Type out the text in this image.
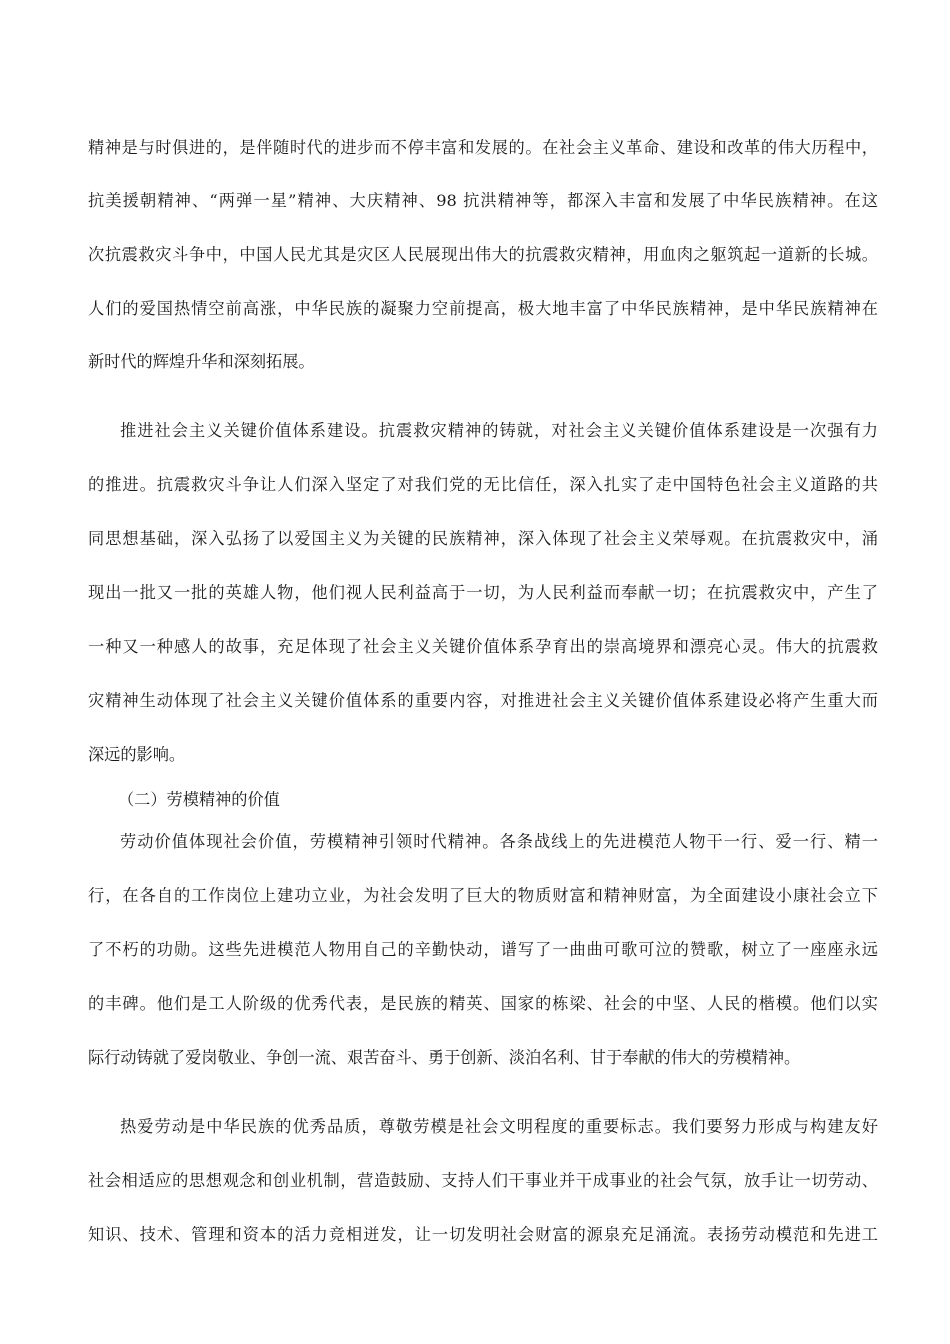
精神是与时俱进的，是伴随时代的进步而不停丰富和发展的。在社会主义革命、建设和改革的伟大历程中，
抗美援朝精神、“两弹一星”精神、大庆精神、98 抗洪精神等，都深入丰富和发展了中华民族精神。在这
次抗震救灾斗争中，中国人民尤其是灾区人民展现出伟大的抗震救灾精神，用血肉之躯筑起一道新的长城。
人们的爱国热情空前高涨，中华民族的凝聚力空前提高，极大地丰富了中华民族精神，是中华民族精神在
新时代的辉煌升华和深刻拓展。
推进社会主义关键价值体系建设。抗震救灾精神的铸就，对社会主义关键价值体系建设是一次强有力
的推进。抗震救灾斗争让人们深入坚定了对我们党的无比信任，深入扎实了走中国特色社会主义道路的共
同思想基础，深入弘扬了以爱国主义为关键的民族精神，深入体现了社会主义荣辱观。在抗震救灾中，涌
现出一批又一批的英雄人物，他们视人民利益高于一切，为人民利益而奉献一切；在抗震救灾中，产生了
一种又一种感人的故事，充足体现了社会主义关键价值体系孕育出的崇高境界和漂亮心灵。伟大的抗震救
灾精神生动体现了社会主义关键价值体系的重要内容，对推进社会主义关键价值体系建设必将产生重大而
深远的影响。
（二）劳模精神的价值
劳动价值体现社会价值，劳模精神引领时代精神。各条战线上的先进模范人物干一行、爱一行、精一
行，在各自的工作岗位上建功立业，为社会发明了巨大的物质财富和精神财富，为全面建设小康社会立下
了不朽的功勋。这些先进模范人物用自己的辛勤快动，谱写了一曲曲可歌可泣的赞歌，树立了一座座永远
的丰碑。他们是工人阶级的优秀代表，是民族的精英、国家的栋梁、社会的中坚、人民的楷模。他们以实
际行动铸就了爱岗敬业、争创一流、艰苦奋斗、勇于创新、淡泊名利、甘于奉献的伟大的劳模精神。
热爱劳动是中华民族的优秀品质，尊敬劳模是社会文明程度的重要标志。我们要努力形成与构建友好
社会相适应的思想观念和创业机制，营造鼓励、支持人们干事业并干成事业的社会气氛，放手让一切劳动、
知识、技术、管理和资本的活力竞相迸发，让一切发明社会财富的源泉充足涌流。表扬劳动模范和先进工
